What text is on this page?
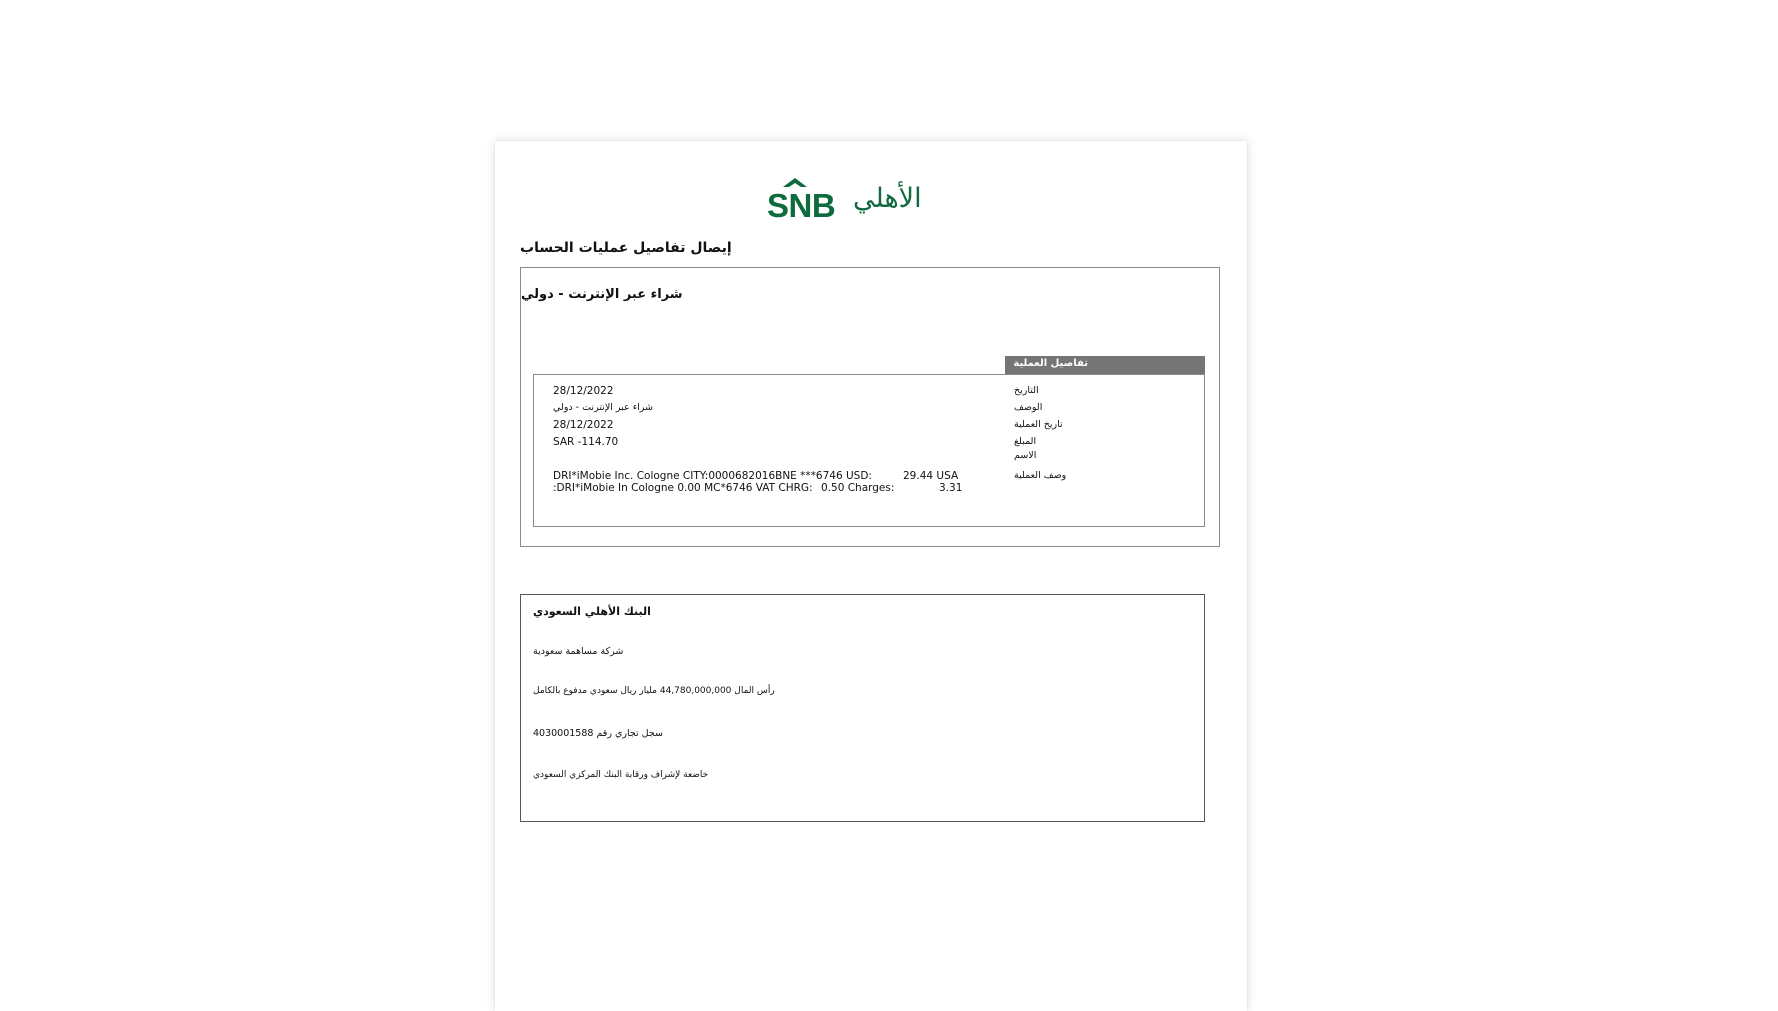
SNB الأهلي
إيصال تفاصيل عمليات الحساب
شراء عبر الإنترنت - دولي
تفاصيل العملية
28/12/2022
شراء عبر الإنترنت - دولي
28/12/2022
SAR -114.70
DRI*iMobie Inc. Cologne CITY:0000682016BNE ***6746 USD:	29.44 USA
:DRI*iMobie In Cologne 0.00 MC*6746 VAT CHRG: 0.50 Charges:	3.31
التاريخ
الوصف
تاريخ العملية
المبلغ
الاسم
وصف العملية
البنك الأهلي السعودي
شركة مساهمة سعودية
رأس المال 44,780,000,000 مليار ريال سعودي مدفوع بالكامل
سجل تجاري رقم 4030001588
خاضعة لإشراف ورقابة البنك المركزي السعودي
